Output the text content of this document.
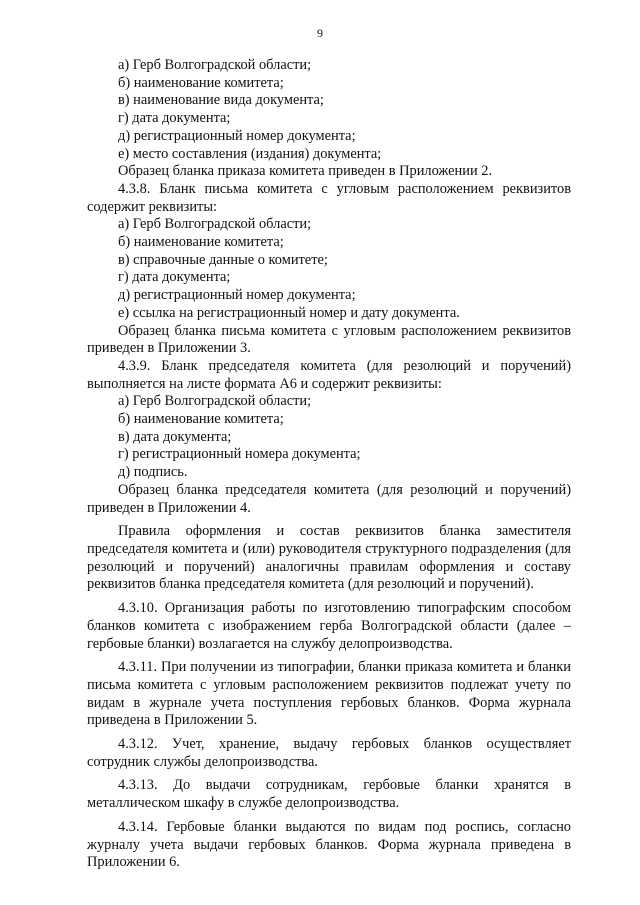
9

а) Герб Волгоградской области;

б) наименование комитета;

в) наименование вида документа;

г) дата документа;

д) регистрационный номер документа;

е) место составления (издания) документа;

Образец бланка приказа комитета приведен в Приложении 2.

4.3.8. Бланк письма комитета с угловым расположением реквизитов содержит реквизиты:

а) Герб Волгоградской области;

б) наименование комитета;

в) справочные данные о комитете;

г) дата документа;

д) регистрационный номер документа;

е) ссылка на регистрационный номер и дату документа.

Образец бланка письма комитета с угловым расположением реквизитов приведен в Приложении 3.

4.3.9. Бланк председателя комитета (для резолюций и поручений) выполняется на листе формата А6 и содержит реквизиты:

а) Герб Волгоградской области;

б) наименование комитета;

в) дата документа;

г) регистрационный номера документа;

д) подпись.

Образец бланка председателя комитета (для резолюций и поручений) приведен в Приложении 4.

Правила оформления и состав реквизитов бланка заместителя председателя комитета и (или) руководителя структурного подразделения (для резолюций и поручений) аналогичны правилам оформления и составу реквизитов бланка председателя комитета (для резолюций и поручений).

4.3.10. Организация работы по изготовлению типографским способом бланков комитета с изображением герба Волгоградской области (далее – гербовые бланки) возлагается на службу делопроизводства.

4.3.11. При получении из типографии, бланки приказа комитета и бланки письма комитета с угловым расположением реквизитов подлежат учету по видам в журнале учета поступления гербовых бланков. Форма журнала приведена в Приложении 5.

4.3.12. Учет, хранение, выдачу гербовых бланков осуществляет сотрудник службы делопроизводства.

4.3.13. До выдачи сотрудникам, гербовые бланки хранятся в металлическом шкафу в службе делопроизводства.

4.3.14. Гербовые бланки выдаются по видам под роспись, согласно журналу учета выдачи гербовых бланков. Форма журнала приведена в Приложении 6.
